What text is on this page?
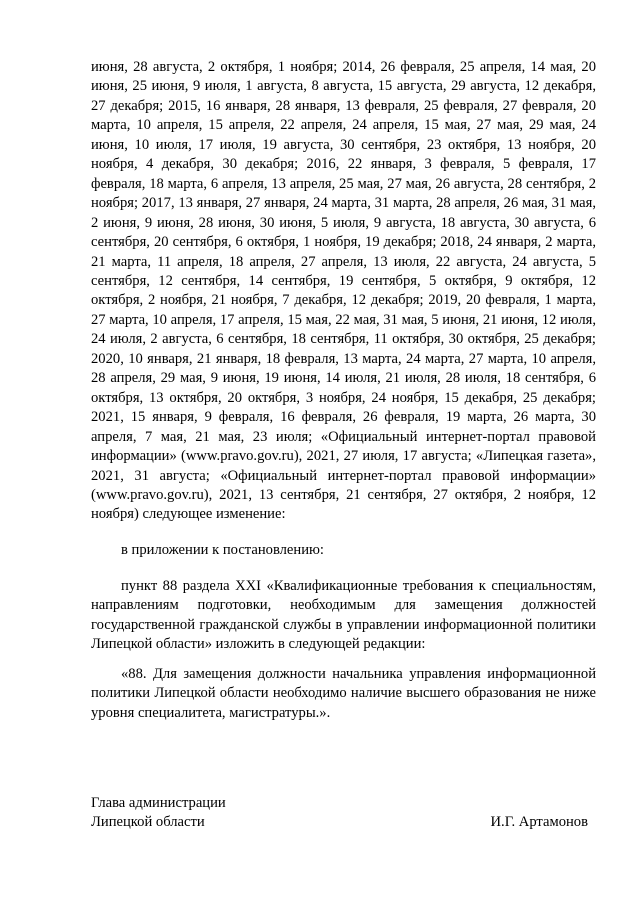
июня, 28 августа, 2 октября, 1 ноября; 2014, 26 февраля, 25 апреля, 14 мая, 20 июня, 25 июня, 9 июля, 1 августа, 8 августа, 15 августа, 29 августа, 12 декабря, 27 декабря; 2015, 16 января, 28 января, 13 февраля, 25 февраля, 27 февраля, 20 марта, 10 апреля, 15 апреля, 22 апреля, 24 апреля, 15 мая, 27 мая, 29 мая, 24 июня, 10 июля, 17 июля, 19 августа, 30 сентября, 23 октября, 13 ноября, 20 ноября, 4 декабря, 30 декабря; 2016, 22 января, 3 февраля, 5 февраля, 17 февраля, 18 марта, 6 апреля, 13 апреля, 25 мая, 27 мая, 26 августа, 28 сентября, 2 ноября; 2017, 13 января, 27 января, 24 марта, 31 марта, 28 апреля, 26 мая, 31 мая, 2 июня, 9 июня, 28 июня, 30 июня, 5 июля, 9 августа, 18 августа, 30 августа, 6 сентября, 20 сентября, 6 октября, 1 ноября, 19 декабря; 2018, 24 января, 2 марта, 21 марта, 11 апреля, 18 апреля, 27 апреля, 13 июля, 22 августа, 24 августа, 5 сентября, 12 сентября, 14 сентября, 19 сентября, 5 октября, 9 октября, 12 октября, 2 ноября, 21 ноября, 7 декабря, 12 декабря; 2019, 20 февраля, 1 марта, 27 марта, 10 апреля, 17 апреля, 15 мая, 22 мая, 31 мая, 5 июня, 21 июня, 12 июля, 24 июля, 2 августа, 6 сентября, 18 сентября, 11 октября, 30 октября, 25 декабря; 2020, 10 января, 21 января, 18 февраля, 13 марта, 24 марта, 27 марта, 10 апреля, 28 апреля, 29 мая, 9 июня, 19 июня, 14 июля, 21 июля, 28 июля, 18 сентября, 6 октября, 13 октября, 20 октября, 3 ноября, 24 ноября, 15 декабря, 25 декабря; 2021, 15 января, 9 февраля, 16 февраля, 26 февраля, 19 марта, 26 марта, 30 апреля, 7 мая, 21 мая, 23 июля; «Официальный интернет-портал правовой информации» (www.pravo.gov.ru), 2021, 27 июля, 17 августа; «Липецкая газета», 2021, 31 августа; «Официальный интернет-портал правовой информации» (www.pravo.gov.ru), 2021, 13 сентября, 21 сентября, 27 октября, 2 ноября, 12 ноября) следующее изменение:

в приложении к постановлению:

пункт 88 раздела XXI «Квалификационные требования к специальностям, направлениям подготовки, необходимым для замещения должностей государственной гражданской службы в управлении информационной политики Липецкой области» изложить в следующей редакции:

«88. Для замещения должности начальника управления информационной политики Липецкой области необходимо наличие высшего образования не ниже уровня специалитета, магистратуры.».

Глава администрации
Липецкой области	И.Г. Артамонов
